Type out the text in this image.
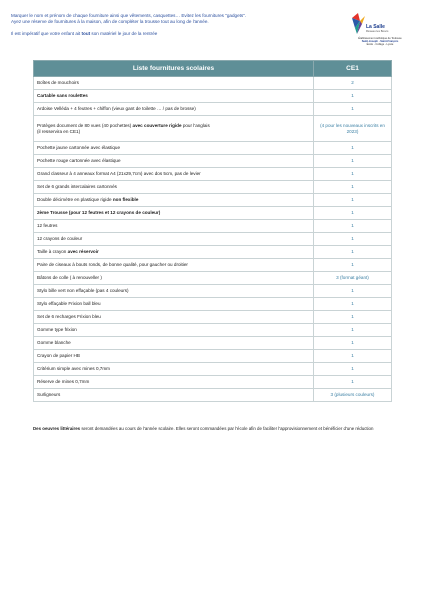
Marquer le nom et prénom de chaque fourniture ainsi que vêtements, casquettes… Evitez les fournitures "gadgets".

Ayez une réserve de fournitures à la maison, afin de compléter la trousse tout au long de l'année.

Il est impératif que votre enfant ait tout son matériel le jour de la rentrée

La Salle
Réseau les Boscs
Établissement catholique de Toulouse
Saint-Joseph · Saint-François
École - Collège - Lycée
Liste fournitures scolaires	CE1
Boîtes de mouchoirs	2
Cartable sans roulettes	1
Ardoise Velléda + 4 feutres + chiffon (vieux gant de toilette … / pas de brosse)	1
Protèges document de 80 vues (40 pochettes) avec couverture rigide pour l'anglais
(il resservira en CE1)	(4 pour les nouveaux inscrits en 2023)
Pochette jaune cartonnée avec élastique	1
Pochette rouge cartonnée avec élastique	1
Grand classeur à 4 anneaux format A4 (21x29,7cm) avec dos 5cm, pas de levier	1
Set de 6 grands intercalaires cartonnés	1
Double décimètre en plastique rigide non flexible	1
2ème Trousse (pour 12 feutres et 12 crayons de couleur)	1
12 feutres	1
12 crayons de couleur	1
Taille à crayon avec réservoir	1
Paire de ciseaux à bouts ronds, de bonne qualité, pour gaucher ou droitier	1
Bâtons de colle ( à renouveller )	3 (format géant)
Stylo bille vert non effaçable (pas 4 couleurs)	1
Stylo effaçable Frixion ball bleu	1
Set de 6 recharges Frixion bleu	1
Gomme type frixion	1
Gomme blanche	1
Crayon de papier HB	1
Critérium simple avec mines 0,7mm	1
Réserve de mines 0,7mm	1
Surligneurs	3 (plusieurs couleurs)
Des oeuvres littéraires seront demandées au cours de l'année scolaire. Elles seront commandées par l'école afin de faciliter l'approvisionnement et bénéficier d'une réduction
